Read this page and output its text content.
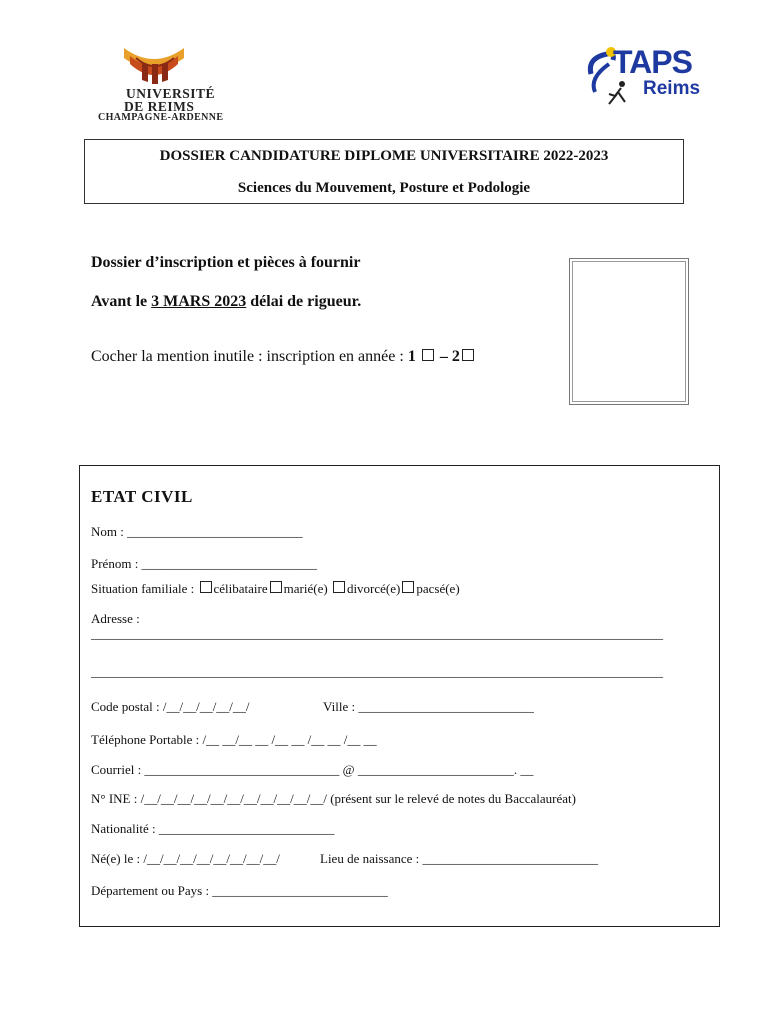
UNIVERSITÉ
DE REIMS
CHAMPAGNE-ARDENNE
TAPS
Reims
DOSSIER CANDIDATURE DIPLOME UNIVERSITAIRE 2022-2023
Sciences du Mouvement, Posture et Podologie
Dossier d’inscription et pièces à fournir
Avant le 3 MARS 2023 délai de rigueur.
Cocher la mention inutile : inscription en année : 1  – 2
ETAT CIVIL
Nom : ___________________________
Prénom : ___________________________
Situation familiale : célibataire marié(e) divorcé(e) pacsé(e)
Adresse :
________________________________________________________________________________________
________________________________________________________________________________________
Code postal : /__/__/__/__/__/	Ville : ___________________________
Téléphone Portable : /__ __/__ __ /__ __ /__ __ /__ __
Courriel : ______________________________ @ ________________________. __
N° INE : /__/__/__/__/__/__/__/__/__/__/__/ (présent sur le relevé de notes du Baccalauréat)
Nationalité : ___________________________
Né(e) le : /__/__/__/__/__/__/__/__/	Lieu de naissance : ___________________________
Département ou Pays : ___________________________
